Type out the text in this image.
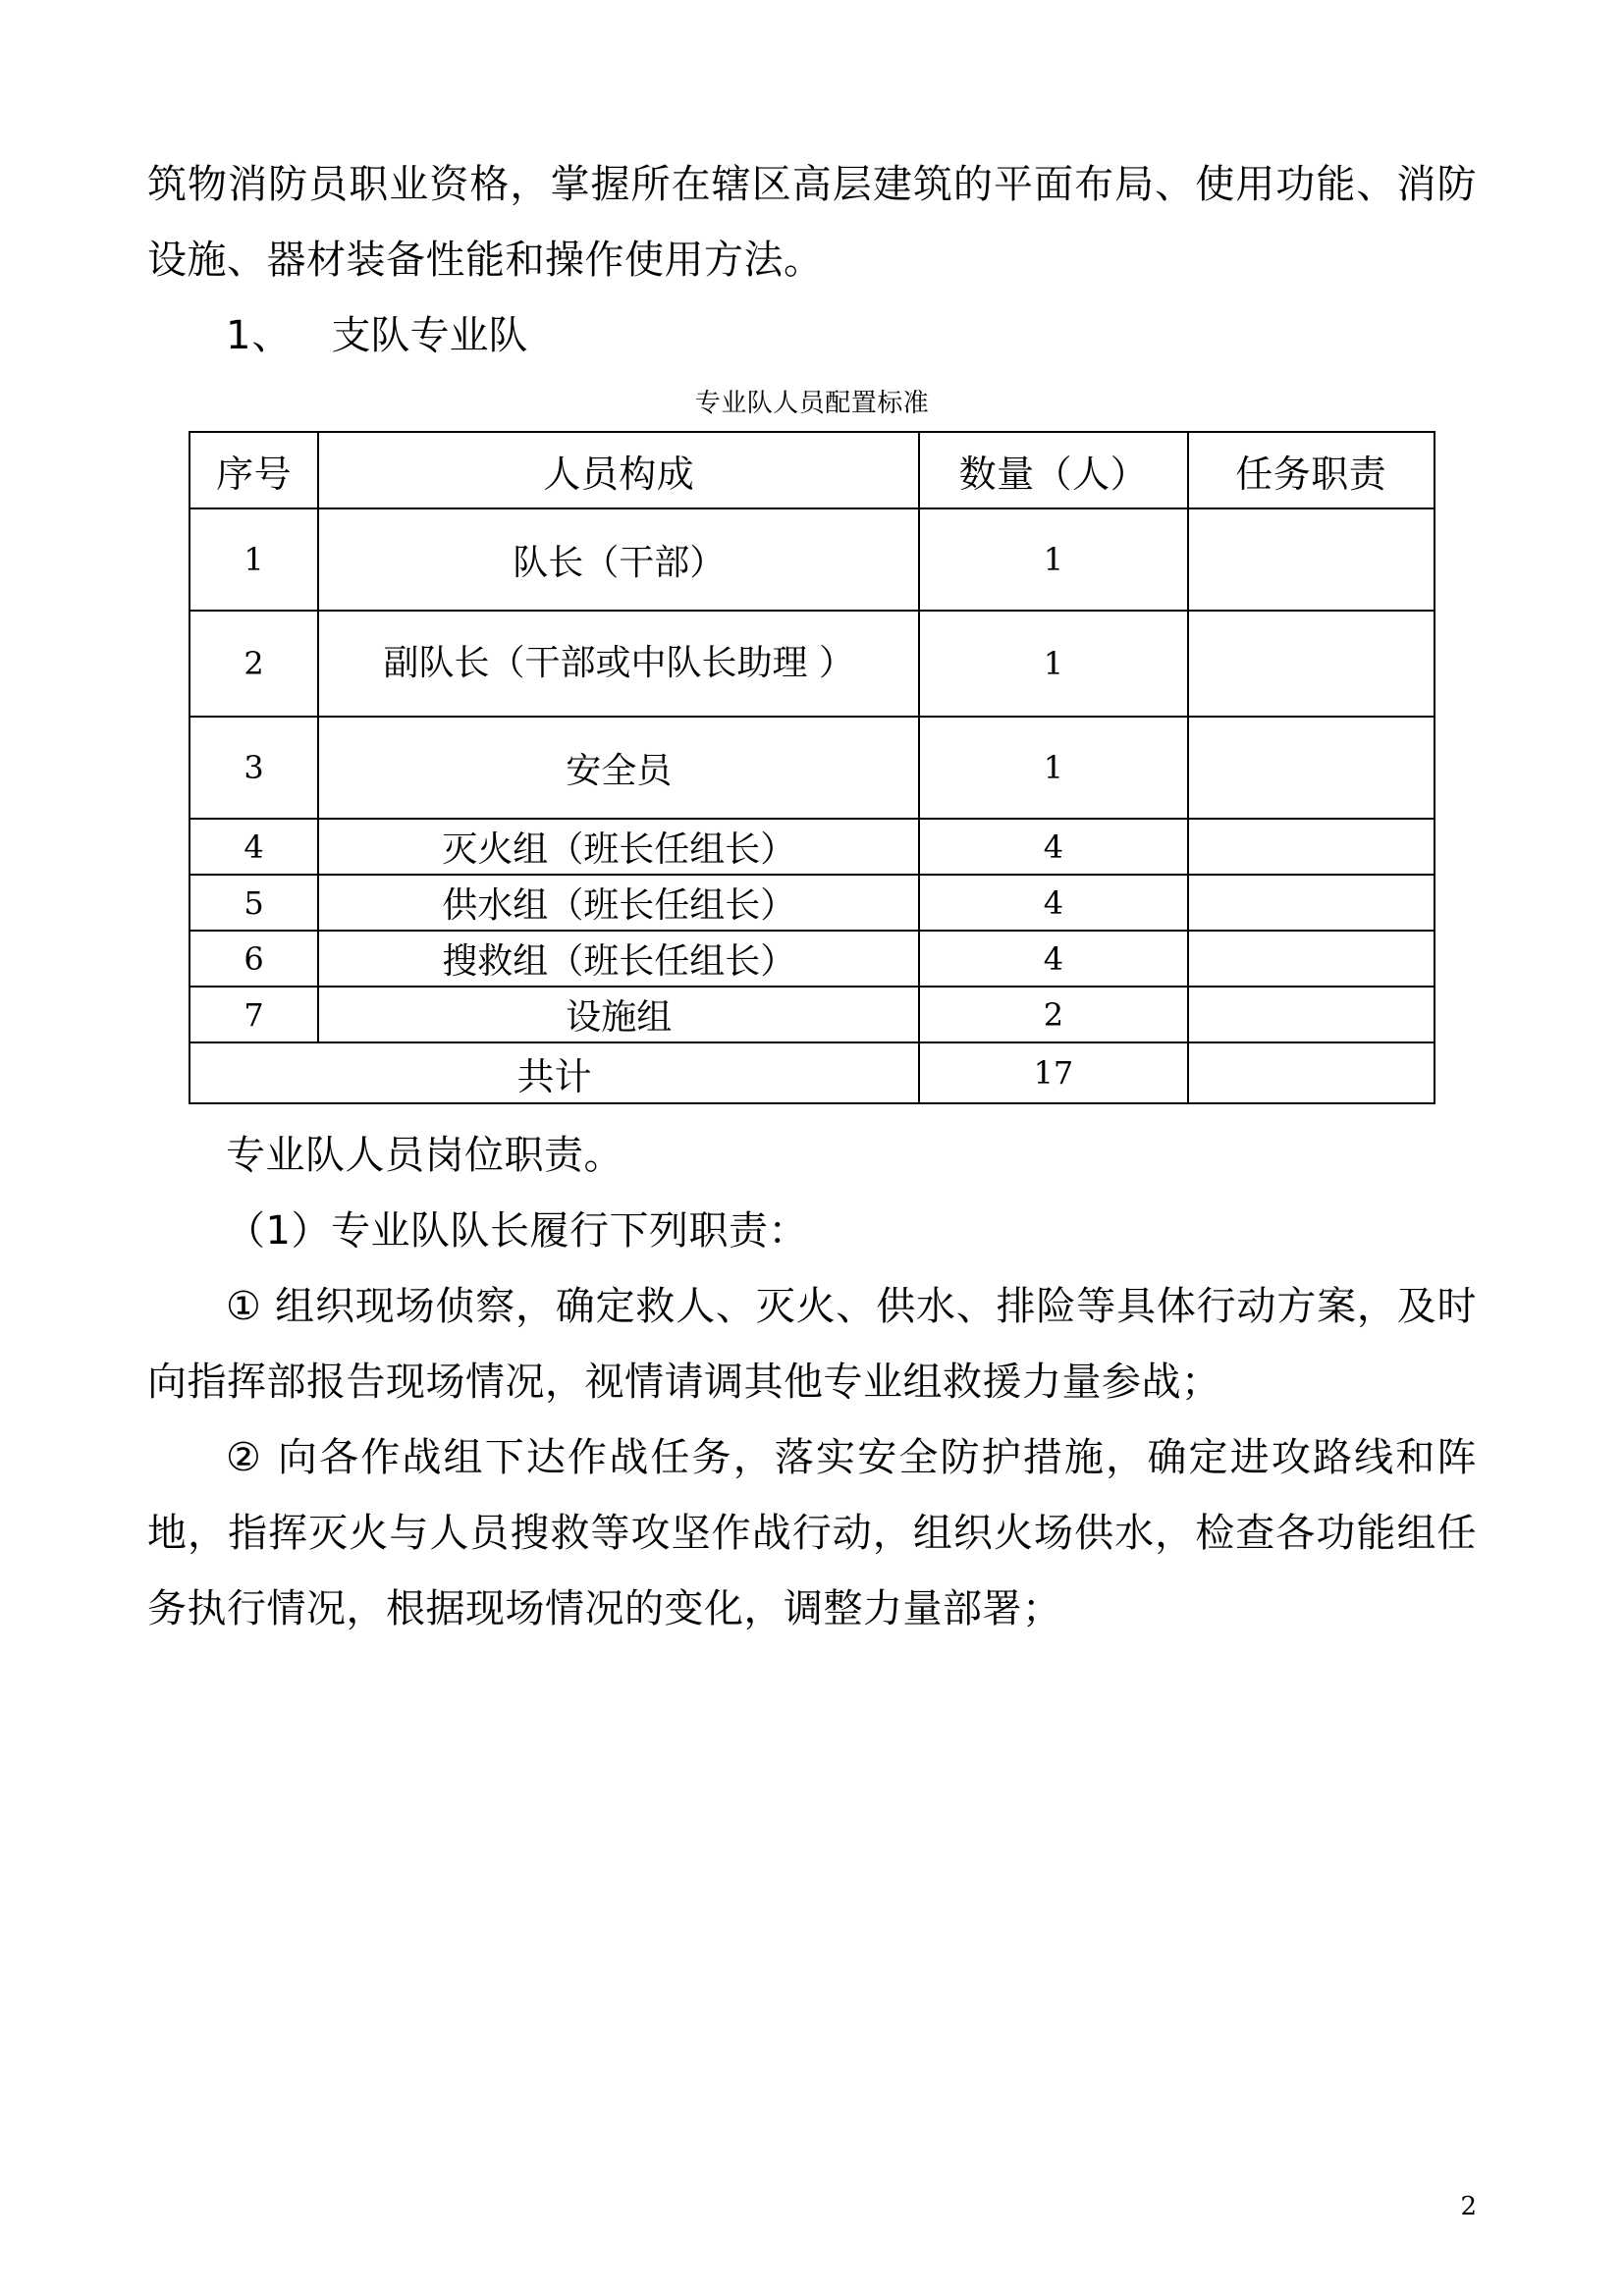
筑物消防员职业资格，掌握所在辖区高层建筑的平面布局、使用功能、消防设施、器材装备性能和操作使用方法。

1、 支队专业队

专业队人员配置标准
序号	人员构成	数量（人）	任务职责
1	队长（干部）	1	
2	副队长（干部或中队长助理 ）	1	
3	安全员	1	
4	灭火组（班长任组长）	4	
5	供水组（班长任组长）	4	
6	搜救组（班长任组长）	4	
7	设施组	2	
共计		17	

专业队人员岗位职责。

（1）专业队队长履行下列职责：

① 组织现场侦察，确定救人、灭火、供水、排险等具体行动方案，及时向指挥部报告现场情况，视情请调其他专业组救援力量参战；

② 向各作战组下达作战任务，落实安全防护措施，确定进攻路线和阵地，指挥灭火与人员搜救等攻坚作战行动，组织火场供水，检查各功能组任务执行情况，根据现场情况的变化，调整力量部署；

2
